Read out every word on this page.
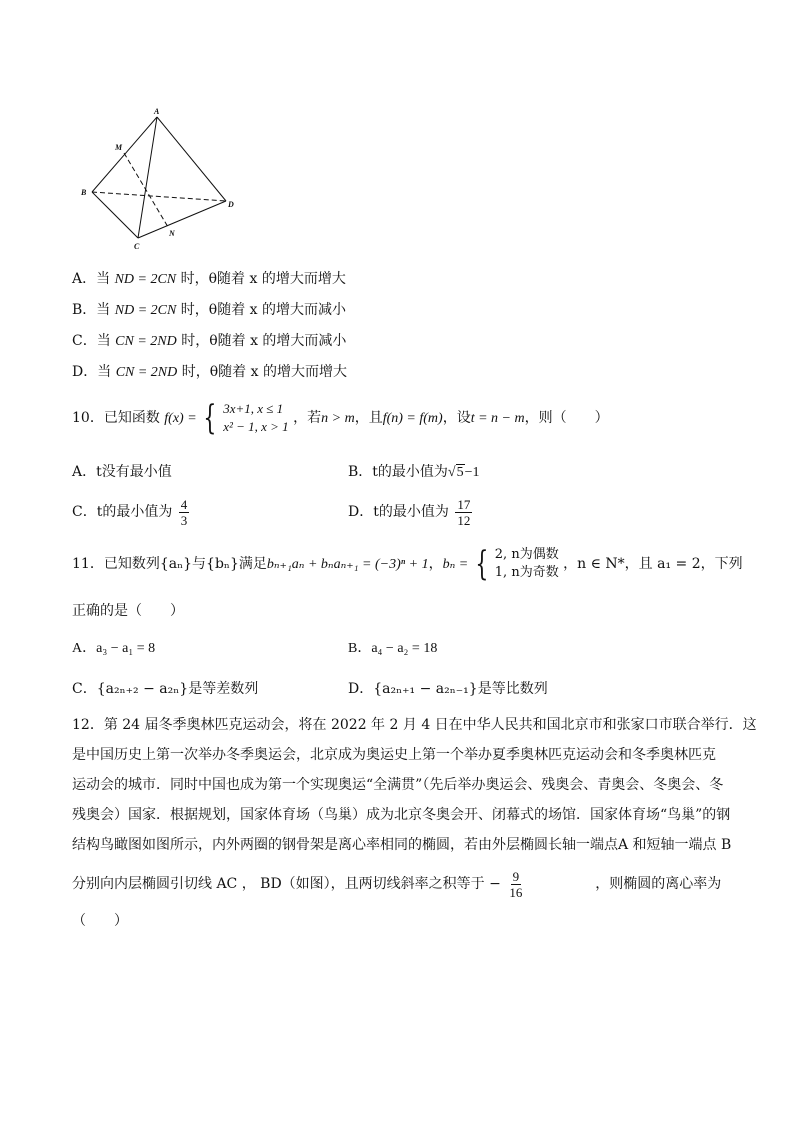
A
M
B
D
C
N
A．当 ND = 2CN 时，θ随着 x 的增大而增大
B．当 ND = 2CN 时，θ随着 x 的增大而减小
C．当 CN = 2ND 时，θ随着 x 的增大而减小
D．当 CN = 2ND 时，θ随着 x 的增大而增大
10．已知函数 f(x) = { 3x+1, x ≤ 1
x² − 1, x > 1
，若n > m，且f(n) = f(m)，设t = n − m，则（　　）
A．t没有最小值	B．t的最小值为√5−1
C．t的最小值为 $\frac{4}{3}$	D．t的最小值为 $\frac{17}{12}$
11．已知数列{aₙ}与{bₙ}满足bₙ₊₁aₙ + bₙaₙ₊₁ = (−3)ⁿ + 1，bₙ = { 2, n为偶数
1, n为奇数
，n ∈ N*，且 a₁ = 2，下列
正确的是（　　）
A．a₃ − a₁ = 8	B．a₄ − a₂ = 18
C．{a₂ₙ₊₂ − a₂ₙ}是等差数列	D．{a₂ₙ₊₁ − a₂ₙ₋₁}是等比数列
12．第 24 届冬季奥林匹克运动会，将在 2022 年 2 月 4 日在中华人民共和国北京市和张家口市联合举行．这
是中国历史上第一次举办冬季奥运会，北京成为奥运史上第一个举办夏季奥林匹克运动会和冬季奥林匹克
运动会的城市．同时中国也成为第一个实现奥运“全满贯”（先后举办奥运会、残奥会、青奥会、冬奥会、冬
残奥会）国家．根据规划，国家体育场（鸟巢）成为北京冬奥会开、闭幕式的场馆．国家体育场“鸟巢”的钢
结构鸟瞰图如图所示，内外两圈的钢骨架是离心率相同的椭圆，若由外层椭圆长轴一端点A 和短轴一端点 B
分别向内层椭圆引切线 AC ， BD（如图），且两切线斜率之积等于 − $\frac{9}{16}$	，则椭圆的离心率为
（　　）
